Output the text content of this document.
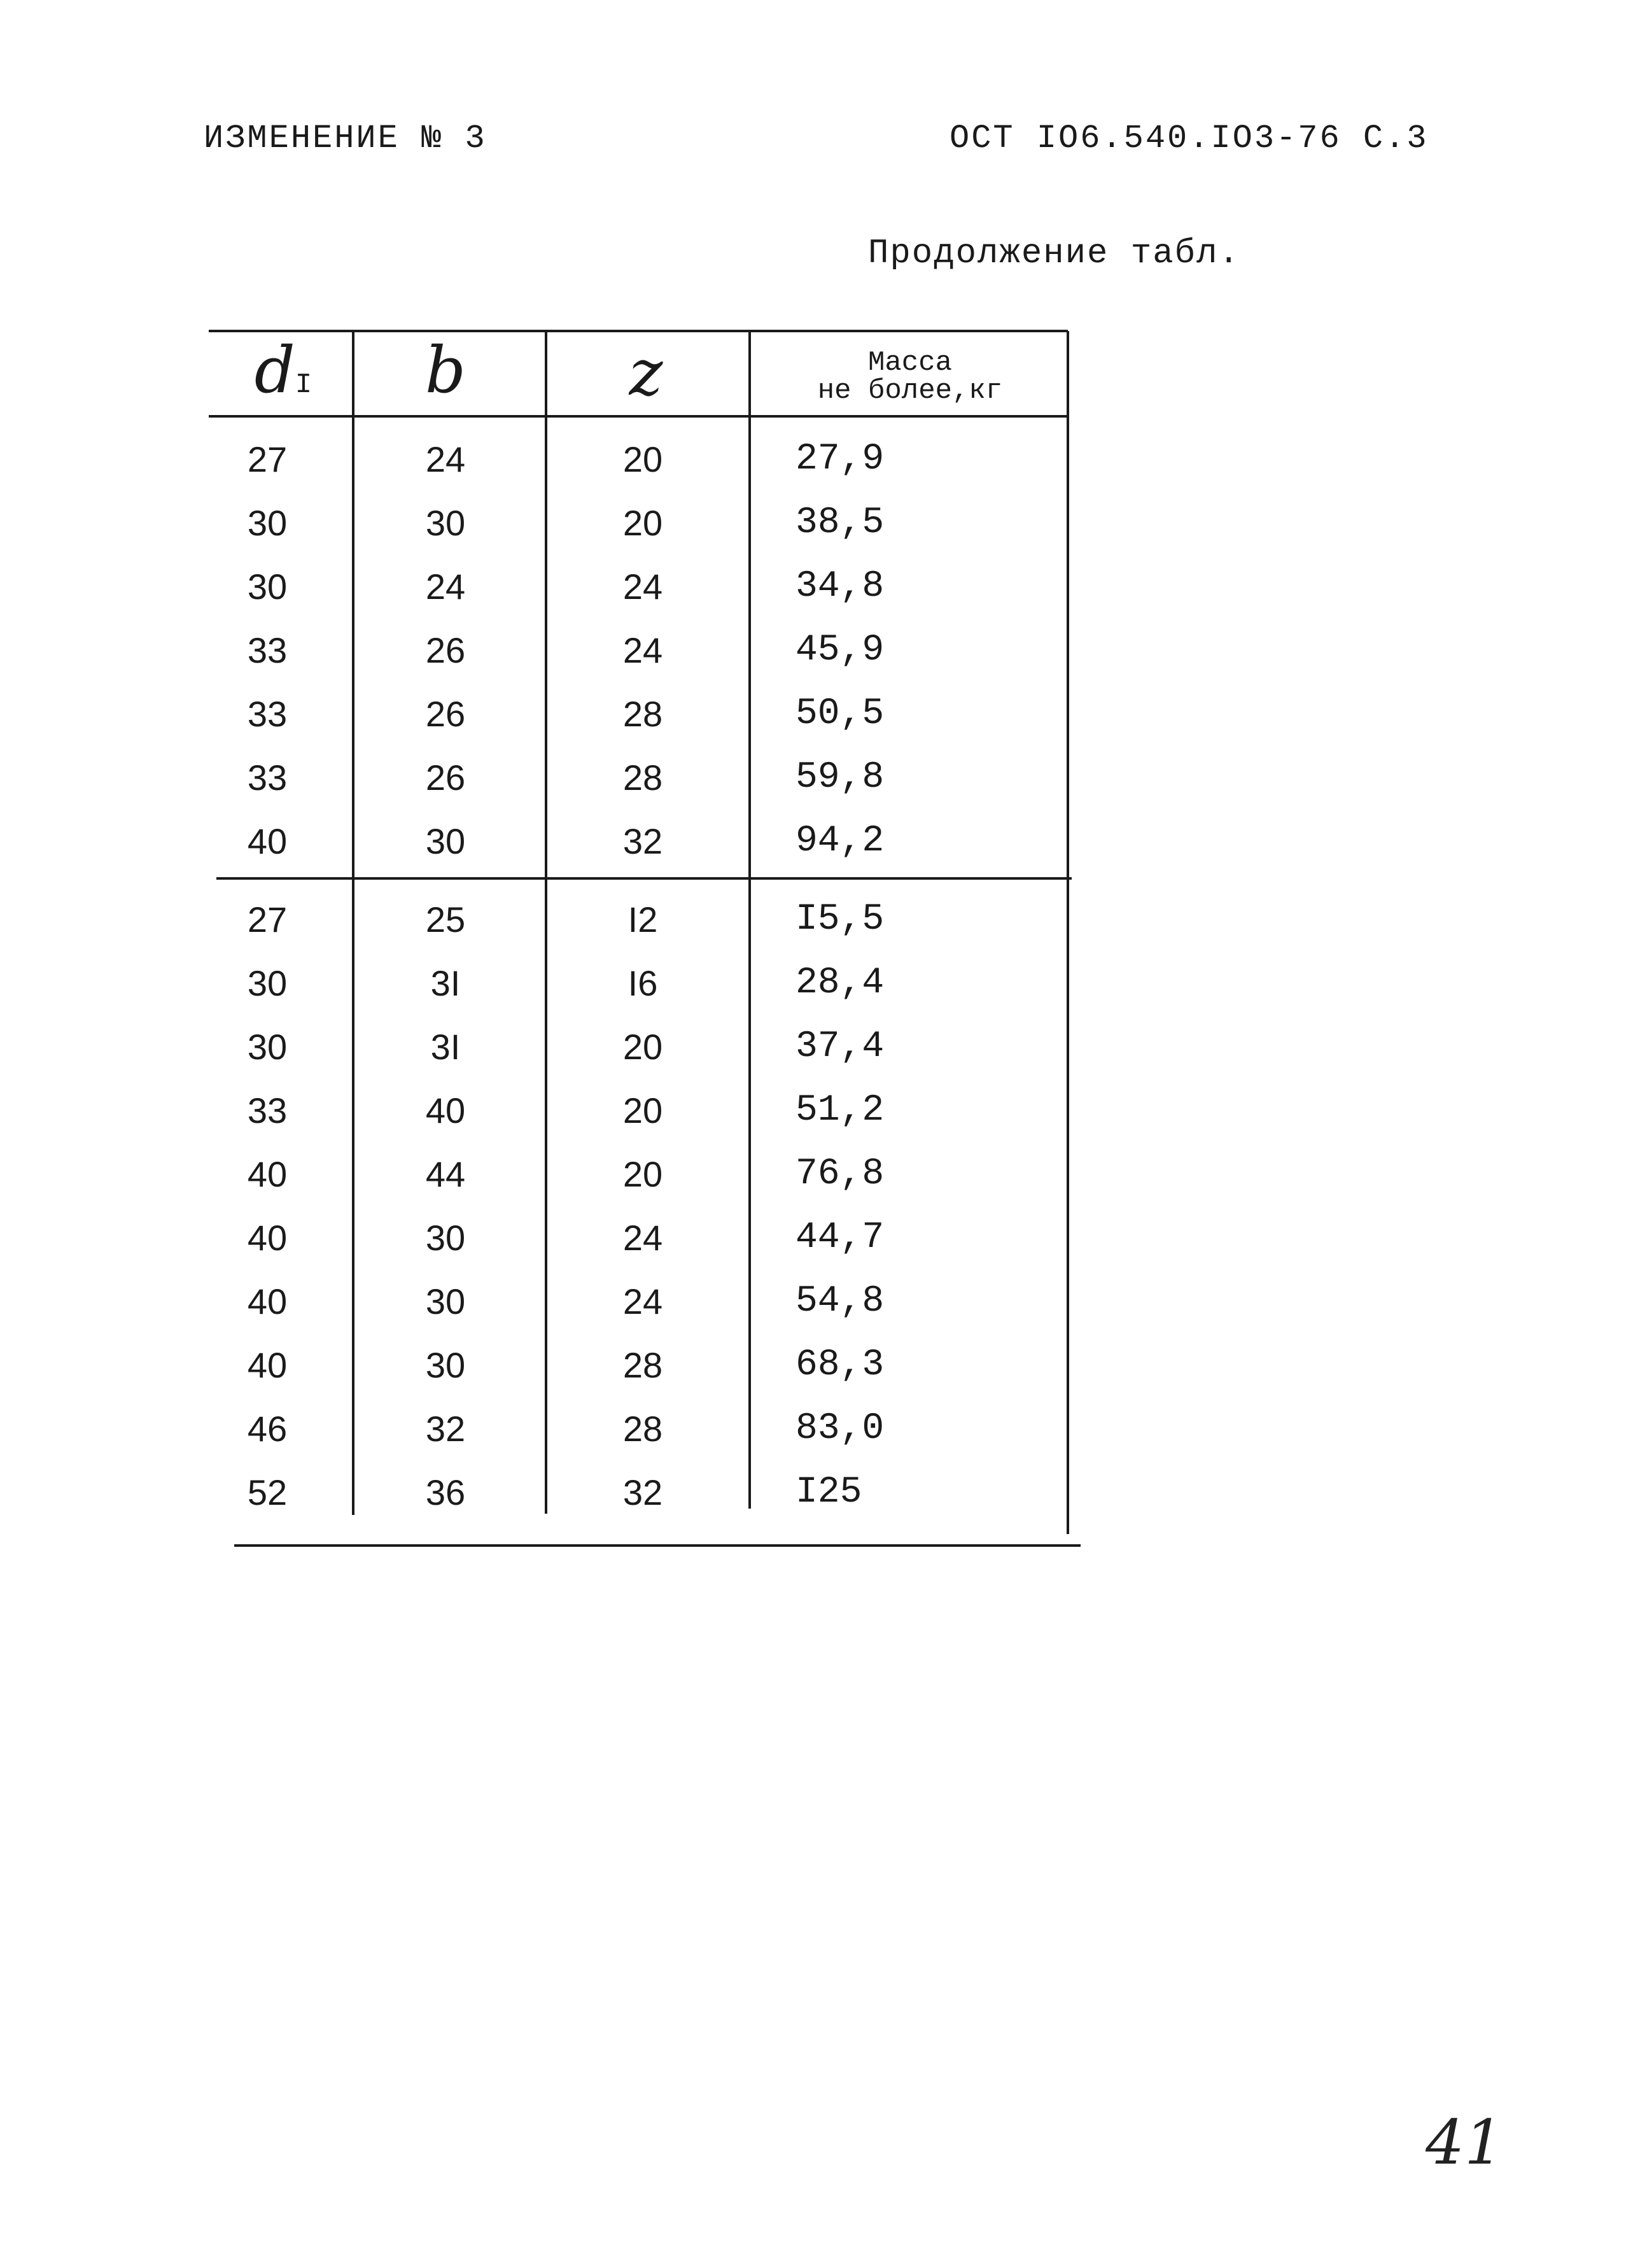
ИЗМЕНЕНИЕ № 3	ОСТ IO6.540.IO3-76 С.3
Продолжение табл.
dI	b	z	Масса
не более,кг
27	24	20	27,9
30	30	20	38,5
30	24	24	34,8
33	26	24	45,9
33	26	28	50,5
33	26	28	59,8
40	30	32	94,2
27	25	I2	I5,5
30	3I	I6	28,4
30	3I	20	37,4
33	40	20	51,2
40	44	20	76,8
40	30	24	44,7
40	30	24	54,8
40	30	28	68,3
46	32	28	83,0
52	36	32	I25
41
